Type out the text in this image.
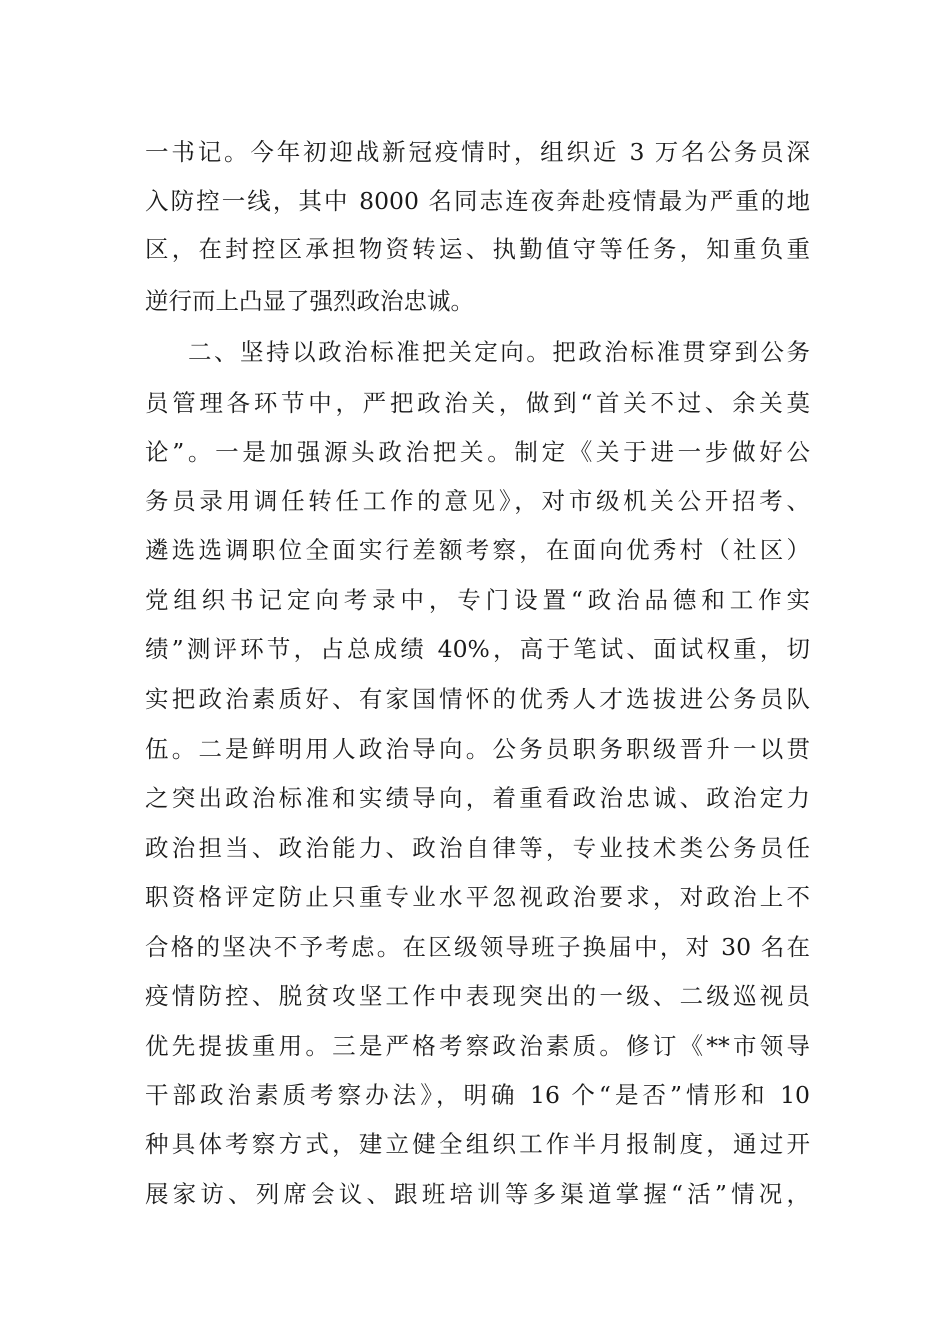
一书记。今年初迎战新冠疫情时，组织近 3 万名公务员深
入防控一线，其中 8000 名同志连夜奔赴疫情最为严重的地
区，在封控区承担物资转运、执勤值守等任务，知重负重
逆行而上凸显了强烈政治忠诚。
二、坚持以政治标准把关定向。把政治标准贯穿到公务
员管理各环节中，严把政治关，做到“首关不过、余关莫
论”。一是加强源头政治把关。制定《关于进一步做好公
务员录用调任转任工作的意见》，对市级机关公开招考、
遴选选调职位全面实行差额考察，在面向优秀村（社区）
党组织书记定向考录中，专门设置“政治品德和工作实
绩”测评环节，占总成绩 40%，高于笔试、面试权重，切
实把政治素质好、有家国情怀的优秀人才选拔进公务员队
伍。二是鲜明用人政治导向。公务员职务职级晋升一以贯
之突出政治标准和实绩导向，着重看政治忠诚、政治定力
政治担当、政治能力、政治自律等，专业技术类公务员任
职资格评定防止只重专业水平忽视政治要求，对政治上不
合格的坚决不予考虑。在区级领导班子换届中，对 30 名在
疫情防控、脱贫攻坚工作中表现突出的一级、二级巡视员
优先提拔重用。三是严格考察政治素质。修订《**市领导
干部政治素质考察办法》，明确 16 个“是否”情形和 10
种具体考察方式，建立健全组织工作半月报制度，通过开
展家访、列席会议、跟班培训等多渠道掌握“活”情况，
